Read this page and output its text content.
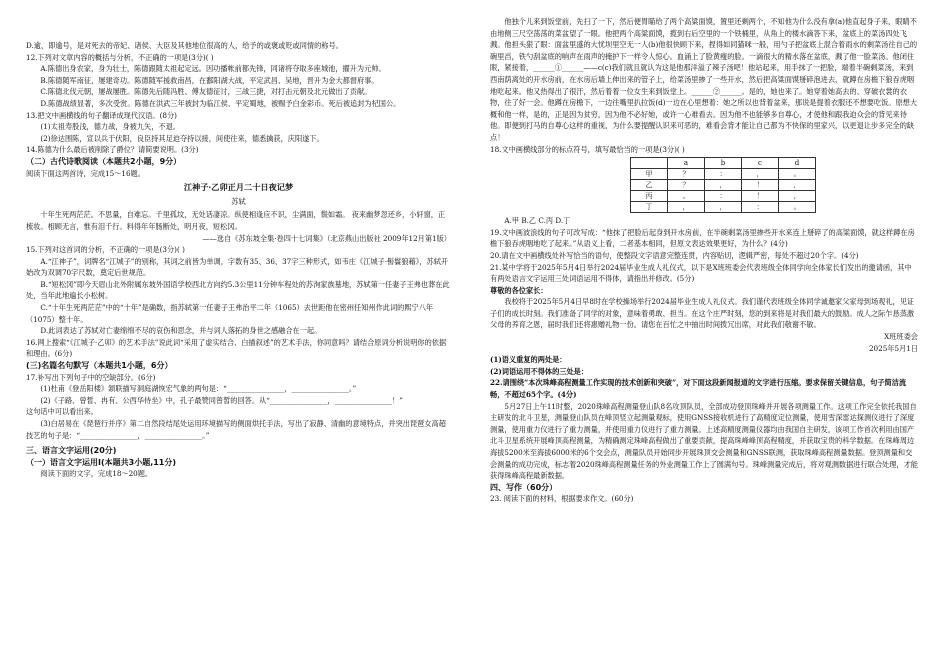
D.逾，即逾号，是对死去的帝妃、诸侯、大臣及其他地位很高的人，给予的或褒或贬或同情的称号。

12.下列对文章内容的概括与分析，不正确的一项是(3分)( )

A.陈德出身农家，身为壮士，陈德跟随太祖起定远。因功播帐前都先锋，同诸将夺取多座城池，擢升为元帅。

B.陈德随军南征，屡建奇功。陈德随军援救南昌，在鄱阳湖大战，平定武昌、吴地，晋升为金大都督府事。

C.陈德北伐元朝，屡战屡胜。陈德先后随冯胜、傅友德征讨，三战三捷，对打击元朝及北元做出了贡献。

D.陈德战绩显著，多次受赏。陈德在洪武三年被封为临江侯、平定蜀地，被赐予白金彩币。死后被追封为杞国公。

13.把文中画横线的句子翻译成现代汉语。(8分)

(1)太祖寿股浅，德力战，身被九矢，不退。

(2)徐达围陈，宣以兵于伏阳，良臣持其足迫夺持以接，间使往来，德悉擒获，庆阳遂下。

14.陈德为什么最后被削除了爵位？请简要说明。(3分)

（二）古代诗歌阅读（本题共2小题，9分）

阅读下面这两首诗，完成15～16题。

江神子·乙卯正月二十日夜记梦

苏轼

十年生死两茫茫。不思量，自难忘。千里孤坟，无处话凄凉。纵使相逢应不识，尘满面，鬓如霜。 夜来幽梦忽还乡，小轩窗，正梳妆。相顾无言，惟有泪千行。料得年年肠断处，明月夜，短松冈。

——选自《苏东坡全集·卷四十七词集》（北京燕山出版社 2009年12月第1版）

15.下列对这首词的分析，不正确的一项是(3分)( )

A.“江神子”，词牌名“江城子”的别称，其词之前皆为单调，字数有35、36、37字三种形式，如韦庄《江城子·髻鬟狼藉》，苏轼开始改为双调70字尺数，奠定后世规范。

B.“短松冈”即今天眉山北外附属东坡外国语学校西北方向约5.3公里11分钟车程处的苏洵家族墓地，苏轼第一任妻子王弗也葬在此处，当年此地遍长小松树。

C.“十年生死两茫茫”中的“十年”是确数，指苏轼第一任妻子王弗治平二年（1065）去世距他在密州任知州作此词的熙宁八年（1075）整十年。

D.此词表达了苏轼对亡妻绵绵不尽的哀伤和思念，并与词人落拓的身世之感融合在一起。

16.网上搜索“《江城子·乙卯》的艺术手法”说此词“采用了虚实结合、白描叙述”的艺术手法，你同意吗？请结合原词分析说明你的依据和理由。(6分)

(三)名篇名句默写（本题共1小题，6分）

17.补写出下列句子中的空缺部分。(6分)

(1)杜甫《登岳阳楼》颔联描写洞庭湖恢宏气象的两句是：“________________，________________。”

(2)《子路、曾皙、冉有、公西华侍坐》中，孔子最赞同曾皙的回答。从“________________，________________！”

这句话中可以看出来。

(3)白居易在《琵琶行并序》第二自然段结尾处运用环境描写的侧面烘托手法，写出了寂静、清幽的意境特点，并突出琵琶女高超技艺的句子是：“________________，________________。”

三、语言文字运用(20分)

（一）语言文字运用Ⅰ(本题共3小题,11分)

阅读下面的文字，完成18～20题。

他独个儿来到饭堂前，先扫了一下，然后便胃瞄给了两个高粱面馍，置里还剩两个，不知他为什么没有拿(a)他直起身子来，眼睛不由地侧三尺空荡荡的菜盆望了一眼。他把两个高粱面馍，揽到右后空里的一个铁桶里，从角上的楼水滴答下来，盆底上的菜汤四处飞溅。他担头狠了眼：面盆里盛的大忧坝里空无一人(b)他很快顾下来，捏得如同猫咪一般，用勺子把盆底上混合着雨水的剩菜汤往自己的碗里舀，铁勺刮盆底的响声在雨声的掩护下一样令人惊心。血涌上了脸黄瘦的脸。一滴很大的精水落在盆底，溅了他一脸菜汤。他闭住眼，紧接着，______①______——c(c)我们就且就认为这是他那洋溢了辣子汤吧！他站起来，用手抹了一把脸，端着半碗剩菜汤，来到西南荫离处的开水房前，在水房后墙上伸出来的管子上，给菜汤里掺了一些开水，然后把高粱面馍掰碎泡进去，就蹲在房檐下狼吞虎咽地吃起来。他又热得出了很汗，然后着着一位女生来到饭堂上。______②______。是的，她也来了。她穿着她高去的、穿破衣裳的衣物，往了好一会。他蹲在房檐下，一边往嘴里扒拉饭(d)一边在心里想着：她之所以也背着盆来，那说是提着衣服还不想要吃饭。原想大概和他一样，是的，正是因为贫穷，因为他不必好她，或许一心难看去。因为他不也能够多自尊心，才使他和跟我迫众会的背见来待他。即便到打马的自尊心这样的重视，为什么要提醒认识来可恶的，难看会背才能让自己都为不快保的里家兴，以更退让步多完全的缺点！

18.文中画横线部分的标点符号，填写最恰当的一项是(3分)( )

	a	b	c	d
甲	？	：	，	。
乙	？	，	！	，
丙	。	：	！	，
丁	，	，	：	。

A.甲 B.乙 C.丙 D.丁

19.文中画波浪线的句子可改写成：“他抹了把脸后起身到开水房前，在半碗剩菜汤里掺些开水来连上掰碎了的高粱面馍，就这样蹲在房檐下狼吞虎咽地吃了起来。”从语义上看，二者基本相同，但原文表达效果更好，为什么？(4分)

20.请在文中画横线处补写恰当的语句，使整段文字语意完整连贯，内容贴切，逻辑严密，每处不超过20个字。(4分)

21.某中学将于2025年5月4日举行2024届毕业生成人礼仪式，以下是X班班委会代表班级全体同学向全体家长们发出的邀请函，其中有两处语言文字运用三处词语运用不得体，请指出并修改。(5分)

尊敬的各位家长：

我校将于2025年5月4日早8时在学校操场举行2024届毕业生成人礼仪式。我们谨代表班级全体同学诚邀家父家母到场观礼，见证子们的成长时刻。我们准备了同学的对象，意味着勇敢、担当。在这个庄严时刻，您的到来将是对我们最大的鼓励。成人之际乍恳蒸激父母的养育之恩，届时我们还将惠赠礼物一份。请您在百忙之中抽出时间拨冗出席，对此我们敬谢不敏。

X班班委会

2025年5月1日

(1)语义重复的两处是：

(2)词语运用不得体的三处是：

22.请围绕“本次珠峰高程测量工作实现的技术创新和突破”，对下面这段新闻报道的文字进行压缩。要求保留关键信息，句子简洁流畅，不超过65个字。(4分)

5月27日上午11时整，2020珠峰高程测量登山队8名攻顶队员，全部成功登顶珠峰并开展各项测量工作。这项工作完全依托我国自主研发的北斗卫星，测量登山队员在峰顶竖立起测量观标，使用GNSS接收机进行了高精度定位测量，使用雪深雷达探测仪进行了深度测量，使用重力仪进行了重力测量，并使用重力仪进行了重力测量。上述高精度测量仪器均由我国自主研发，该项工作首次利用由国产北斗卫星系统开展峰顶高程测量，为精确测定珠峰高程做出了重要贡献，提高珠峰峰顶高程精度，并获取宝贵的科学数据。在珠峰周边海拔5200米至海拔6000米的6个交会点，测量队员开始同步开展珠顶交会测量和GNSS联测，获取珠峰高程测量数据。登顶测量和交会测量的成功完成，标志着2020珠峰高程测量任务的外业测量工作上了圆满句号。珠峰测量完成后，将对观测数据进行联合处理，才能获得珠峰高程最新数据。

四、写作（60分）

23. 阅读下面的材料，根据要求作文。(60分)
